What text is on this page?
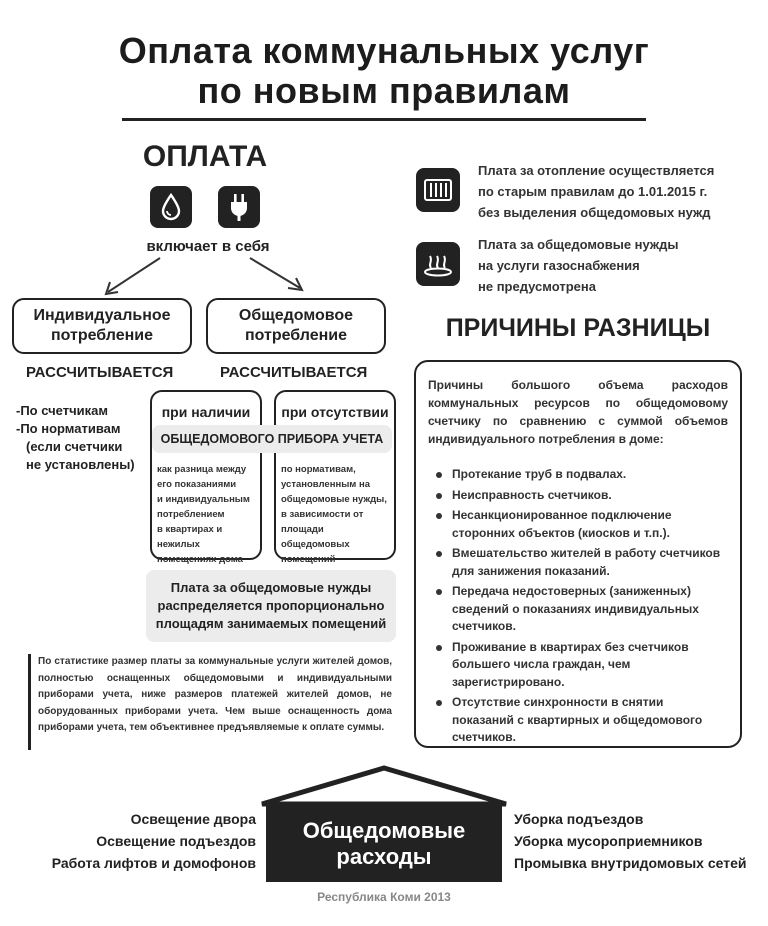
Оплата коммунальных услуг
по новым правилам
ОПЛАТА
включает в себя
Индивидуальное
потребление
РАССЧИТЫВАЕТСЯ
-По счетчикам
-По нормативам
(если счетчики
не установлены)
Общедомовое
потребление
РАССЧИТЫВАЕТСЯ
при наличии
как разница между
его показаниями
и индивидуальным
потреблением
в квартирах и
нежилых
помещениях дома
при отсутствии
по нормативам,
установленным на
общедомовые нужды,
в зависимости от
площади
общедомовых
помещений
ОБЩЕДОМОВОГО ПРИБОРА УЧЕТА
Плата за общедомовые нужды
распределяется пропорционально
площадям занимаемых помещений
По статистике размер платы за коммунальные услуги жителей домов, полностью оснащенных общедомовыми и индивидуальными приборами учета, ниже размеров платежей жителей домов, не оборудованных приборами учета. Чем выше оснащенность дома приборами учета, тем объективнее предъявляемые к оплате суммы.
Плата за отопление осуществляется
по старым правилам до 1.01.2015 г.
без выделения общедомовых нужд
Плата за общедомовые нужды
на услуги газоснабжения
не предусмотрена
ПРИЧИНЫ РАЗНИЦЫ
Причины большого объема расходов коммунальных ресурсов по общедомовому счетчику по сравнению с суммой объемов индивидуального потребления в доме:
Протекание труб в подвалах.
Неисправность счетчиков.
Несанкционированное подключение сторонних объектов (киосков и т.п.).
Вмешательство жителей в работу счетчиков для занижения показаний.
Передача недостоверных (заниженных) сведений о показаниях индивидуальных счетчиков.
Проживание в квартирах без счетчиков большего числа граждан, чем зарегистрировано.
Отсутствие синхронности в снятии показаний с квартирных и общедомового счетчиков.
Общедомовые
расходы
Освещение двора
Освещение подъездов
Работа лифтов и домофонов
Уборка подъездов
Уборка мусороприемников
Промывка внутридомовых сетей
Республика Коми 2013
